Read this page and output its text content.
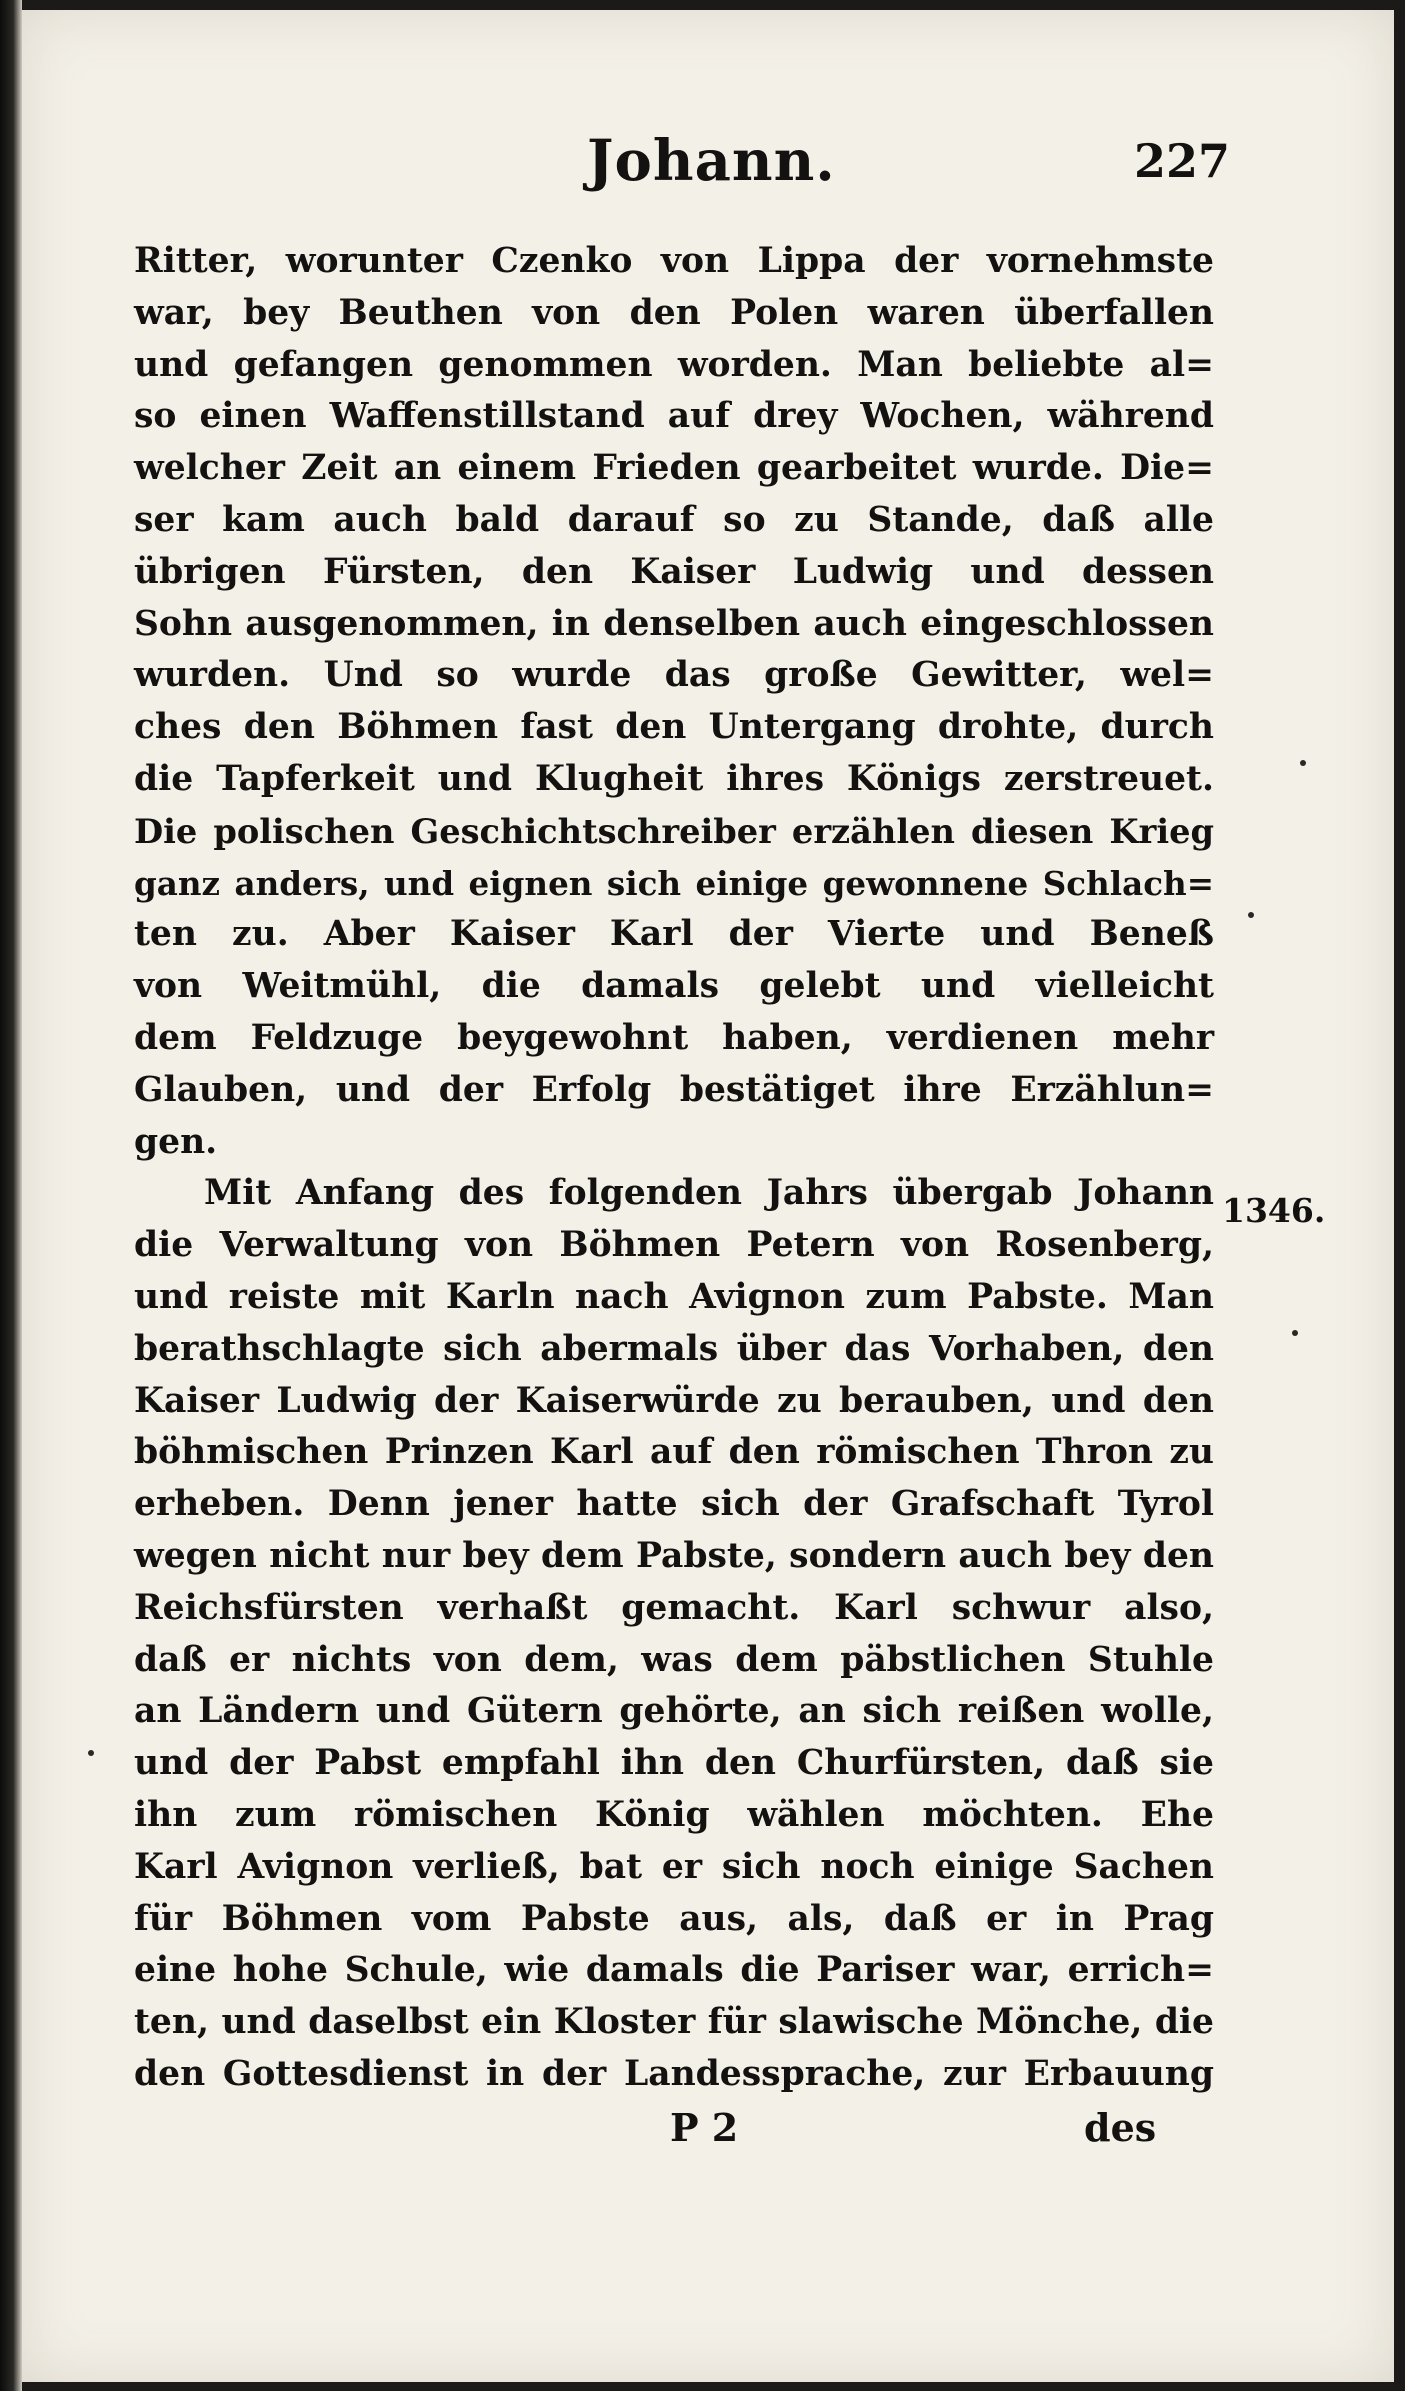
Johann.	227
Ritter, worunter Czenko von Lippa der vornehmste
war, bey Beuthen von den Polen waren überfallen
und gefangen genommen worden. Man beliebte al=
so einen Waffenstillstand auf drey Wochen, während
welcher Zeit an einem Frieden gearbeitet wurde. Die=
ser kam auch bald darauf so zu Stande, daß alle
übrigen Fürsten, den Kaiser Ludwig und dessen
Sohn ausgenommen, in denselben auch eingeschlossen
wurden. Und so wurde das große Gewitter, wel=
ches den Böhmen fast den Untergang drohte, durch
die Tapferkeit und Klugheit ihres Königs zerstreuet.
Die polischen Geschichtschreiber erzählen diesen Krieg
ganz anders, und eignen sich einige gewonnene Schlach=
ten zu. Aber Kaiser Karl der Vierte und Beneß
von Weitmühl, die damals gelebt und vielleicht
dem Feldzuge beygewohnt haben, verdienen mehr
Glauben, und der Erfolg bestätiget ihre Erzählun=
gen.
Mit Anfang des folgenden Jahrs übergab Johann
die Verwaltung von Böhmen Petern von Rosenberg,
und reiste mit Karln nach Avignon zum Pabste. Man
berathschlagte sich abermals über das Vorhaben, den
Kaiser Ludwig der Kaiserwürde zu berauben, und den
böhmischen Prinzen Karl auf den römischen Thron zu
erheben. Denn jener hatte sich der Grafschaft Tyrol
wegen nicht nur bey dem Pabste, sondern auch bey den
Reichsfürsten verhaßt gemacht. Karl schwur also,
daß er nichts von dem, was dem päbstlichen Stuhle
an Ländern und Gütern gehörte, an sich reißen wolle,
und der Pabst empfahl ihn den Churfürsten, daß sie
ihn zum römischen König wählen möchten. Ehe
Karl Avignon verließ, bat er sich noch einige Sachen
für Böhmen vom Pabste aus, als, daß er in Prag
eine hohe Schule, wie damals die Pariser war, errich=
ten, und daselbst ein Kloster für slawische Mönche, die
den Gottesdienst in der Landessprache, zur Erbauung
1346.
P 2	des
